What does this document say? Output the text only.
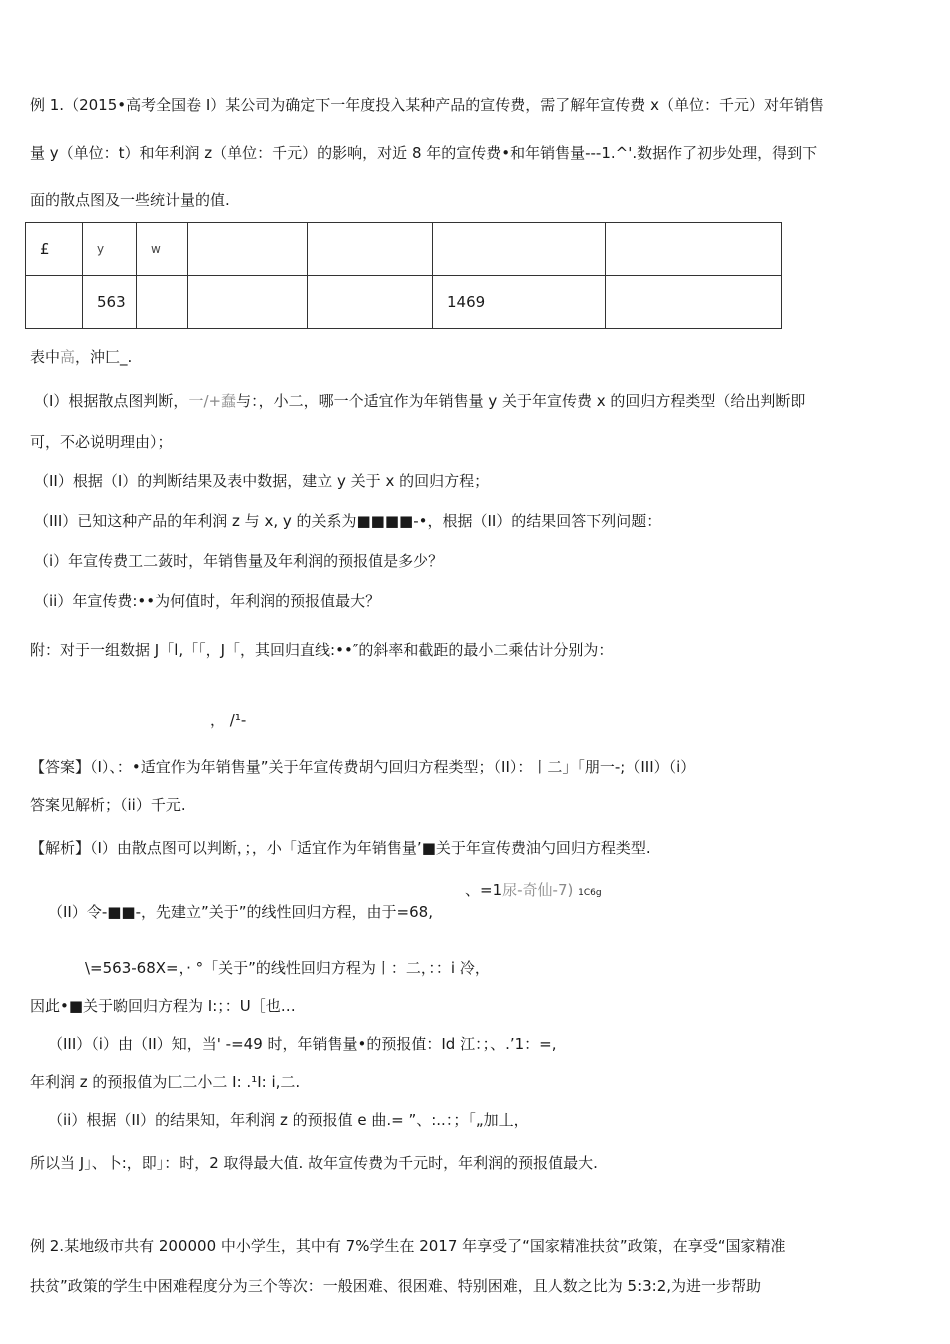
例 1.（2015•高考全国卷 I）某公司为确定下一年度投入某种产品的宣传费，需了解年宣传费 x（单位：千元）对年销售
量 y（单位：t）和年利润 z（单位：千元）的影响，对近 8 年的宣传费•和年销售量---1.^'.数据作了初步处理，得到下
面的散点图及一些统计量的值.
£	y	w				
	563				1469	
表中高，沖匚_.
（I）根据散点图判断，一/+蠢与：，小二，哪一个适宜作为年销售量 y 关于年宣传费 x 的回归方程类型（给出判断即
可，不必说明理由）；
（II）根据（I）的判断结果及表中数据，建立 y 关于 x 的回归方程；
（III）已知这种产品的年利润 z 与 x, y 的关系为■■■■-•，根据（II）的结果回答下列问题：
（i）年宣传费工二蔹时，年销售量及年利润的预报值是多少？
（ii）年宣传费:••为何值时，年利润的预报值最大？
附：对于一组数据 J「l,「「，J「，其回归直线:••″的斜率和截距的最小二乘估计分别为：
， /¹-
【答案】（I）、：•适宜作为年销售量”关于年宣传费胡勺回归方程类型；（II）：丨二」「朋一-;（III）（i）
答案见解析；（ii）千元.
【解析】（I）由散点图可以判断，；，小「适宜作为年销售量’■关于年宣传费油勺回归方程类型.
、=1尿-奇仙-7) 1C6g
（II）令-■■-，先建立”关于”的线性回归方程，由于=68,
\=563-68X=，· °「关于”的线性回归方程为丨：二，：：i 冷，
因此•■关于喲回归方程为 I:；：U［也…
（III）（i）由（II）知，当' -=49 时，年销售量•的预报值：Id 江：；、.’1：=,
年利润 z 的预报值为匚二小二 I: .¹I: i,二.
（ii）根据（II）的结果知，年利润 z 的预报值 e 曲.= ”、:..：；「„加丄，
所以当 J」、卜:，即」：时，2 取得最大值. 故年宣传费为千元时，年利润的预报值最大.
例 2.某地级市共有 200000 中小学生，其中有 7%学生在 2017 年享受了“国家精准扶贫”政策，在享受“国家精准
扶贫”政策的学生中困难程度分为三个等次：一般困难、很困难、特别困难，且人数之比为 5:3:2,为进一步帮助
